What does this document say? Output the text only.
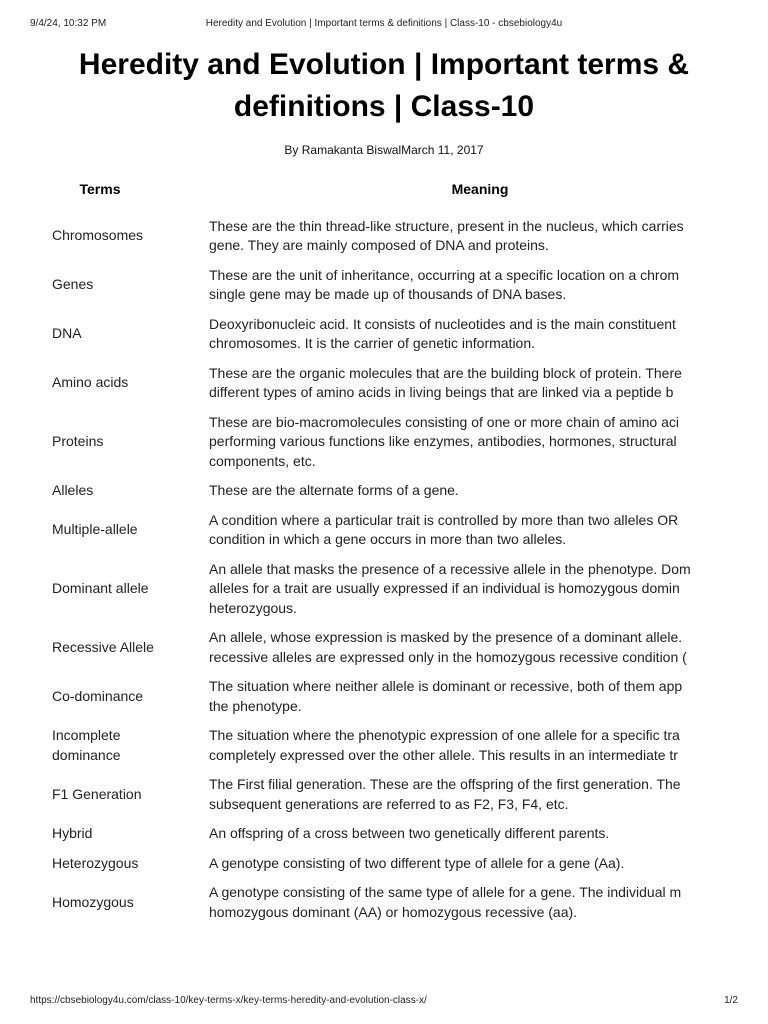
9/4/24, 10:32 PM	Heredity and Evolution | Important terms & definitions | Class-10 - cbsebiology4u
Heredity and Evolution | Important terms & definitions | Class-10
By Ramakanta BiswalMarch 11, 2017
Terms	Meaning
Chromosomes	These are the thin thread-like structure, present in the nucleus, which carries
gene. They are mainly composed of DNA and proteins.

Genes	These are the unit of inheritance, occurring at a specific location on a chrom
single gene may be made up of thousands of DNA bases.

DNA	Deoxyribonucleic acid. It consists of nucleotides and is the main constituent
chromosomes. It is the carrier of genetic information.

Amino acids	These are the organic molecules that are the building block of protein. There
different types of amino acids in living beings that are linked via a peptide b

Proteins	These are bio-macromolecules consisting of one or more chain of amino aci
performing various functions like enzymes, antibodies, hormones, structural
components, etc.

Alleles	These are the alternate forms of a gene.

Multiple-allele	A condition where a particular trait is controlled by more than two alleles OR
condition in which a gene occurs in more than two alleles.

Dominant allele	An allele that masks the presence of a recessive allele in the phenotype. Dom
alleles for a trait are usually expressed if an individual is homozygous domin
heterozygous.

Recessive Allele	An allele, whose expression is masked by the presence of a dominant allele.
recessive alleles are expressed only in the homozygous recessive condition (

Co-dominance	The situation where neither allele is dominant or recessive, both of them app
the phenotype.

Incomplete dominance	The situation where the phenotypic expression of one allele for a specific tra
completely expressed over the other allele. This results in an intermediate tr

F1 Generation	The First filial generation. These are the offspring of the first generation. The
subsequent generations are referred to as F2, F3, F4, etc.

Hybrid	An offspring of a cross between two genetically different parents.

Heterozygous	A genotype consisting of two different type of allele for a gene (Aa).

Homozygous	A genotype consisting of the same type of allele for a gene. The individual m
homozygous dominant (AA) or homozygous recessive (aa).
https://cbsebiology4u.com/class-10/key-terms-x/key-terms-heredity-and-evolution-class-x/	1/2
